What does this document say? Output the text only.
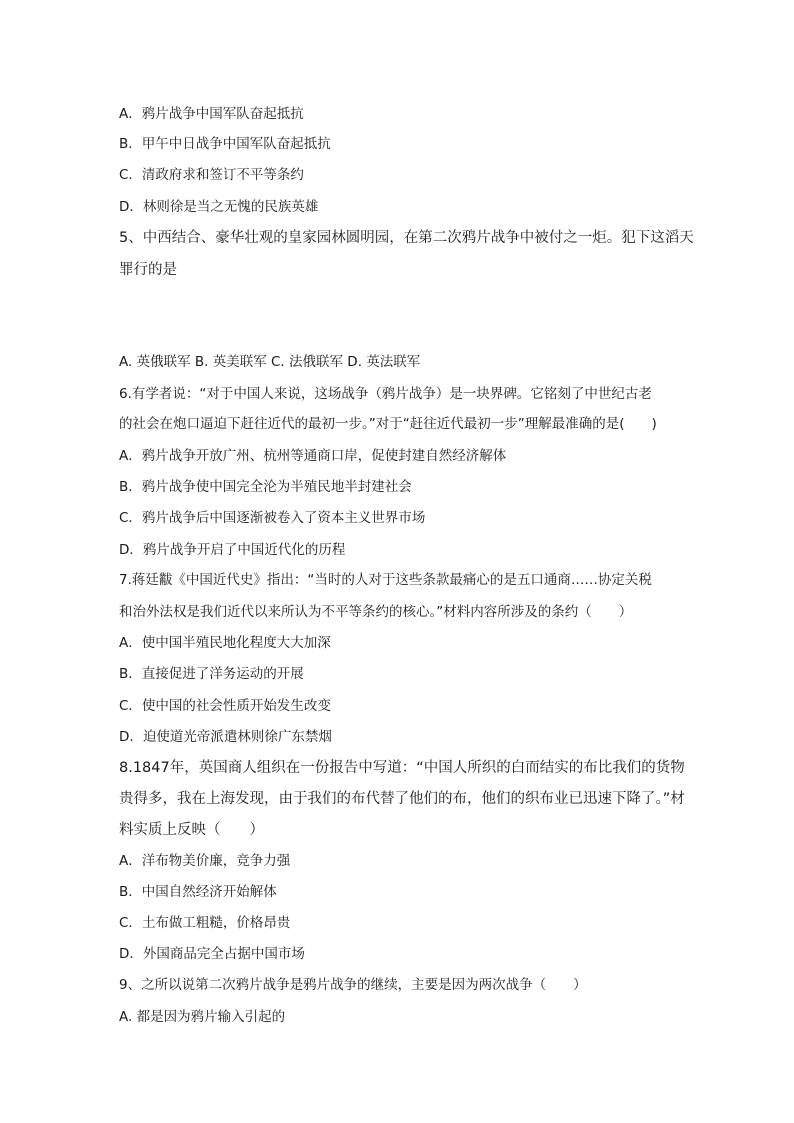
A．鸦片战争中国军队奋起抵抗
B．甲午中日战争中国军队奋起抵抗
C．清政府求和签订不平等条约
D．林则徐是当之无愧的民族英雄
5、中西结合、豪华壮观的皇家园林圆明园，在第二次鸦片战争中被付之一炬。犯下这滔天
罪行的是
A. 英俄联军 B. 英美联军 C. 法俄联军 D. 英法联军
6.有学者说：“对于中国人来说，这场战争（鸦片战争）是一块界碑。它铭刻了中世纪古老
的社会在炮口逼迫下赶往近代的最初一步。”对于“赶往近代最初一步”理解最准确的是(　　)
A．鸦片战争开放广州、杭州等通商口岸，促使封建自然经济解体
B．鸦片战争使中国完全沦为半殖民地半封建社会
C．鸦片战争后中国逐渐被卷入了资本主义世界市场
D．鸦片战争开启了中国近代化的历程
7.蒋廷黻《中国近代史》指出：“当时的人对于这些条款最痛心的是五口通商……协定关税
和治外法权是我们近代以来所认为不平等条约的核心。”材料内容所涉及的条约（　　）
A．使中国半殖民地化程度大大加深
B．直接促进了洋务运动的开展
C．使中国的社会性质开始发生改变
D．迫使道光帝派遣林则徐广东禁烟
8.1847年，英国商人组织在一份报告中写道：“中国人所织的白而结实的布比我们的货物
贵得多，我在上海发现，由于我们的布代替了他们的布，他们的织布业已迅速下降了。”材
料实质上反映（　　）
A．洋布物美价廉，竞争力强
B．中国自然经济开始解体
C．土布做工粗糙，价格昂贵
D．外国商品完全占据中国市场
9、之所以说第二次鸦片战争是鸦片战争的继续，主要是因为两次战争（　　）
A. 都是因为鸦片输入引起的
